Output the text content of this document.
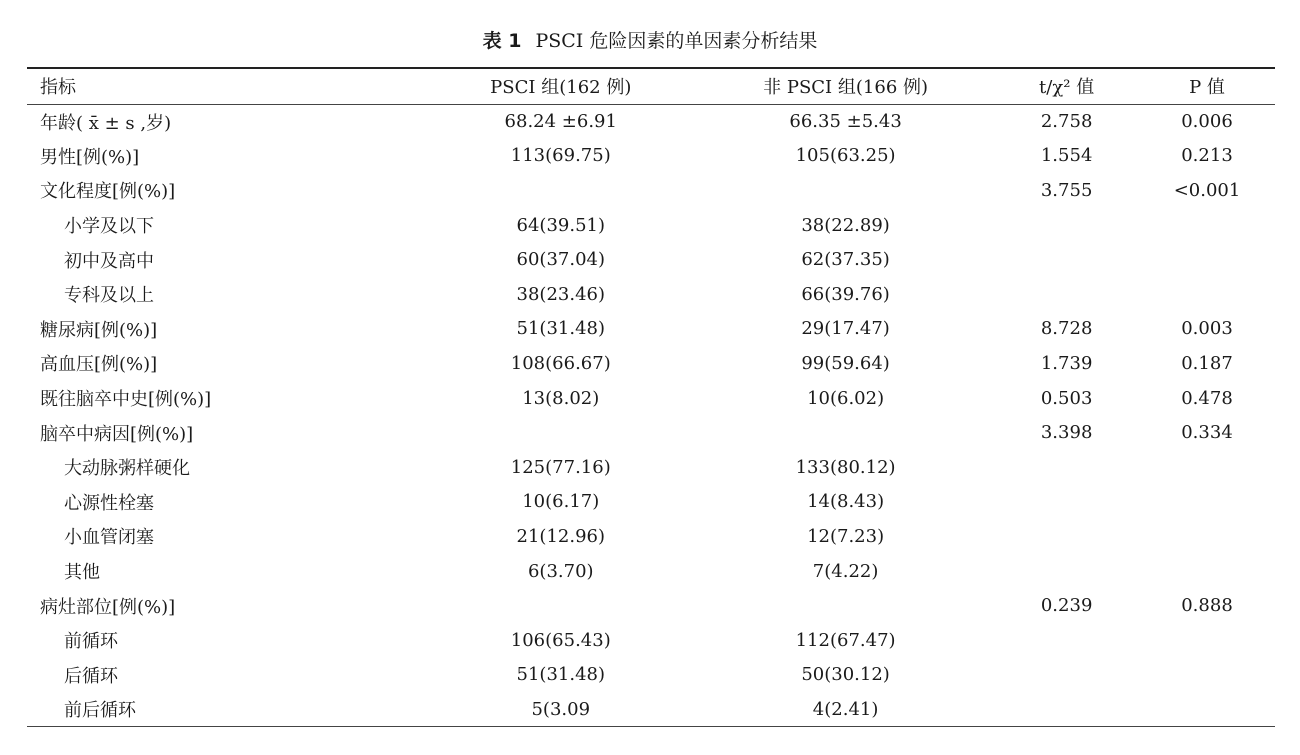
表 1 PSCI 危险因素的单因素分析结果
指标	PSCI 组(162 例)	非 PSCI 组(166 例)	t/χ² 值	P 值
年龄( x̄ ± s ,岁)	68.24 ±6.91	66.35 ±5.43	2.758	0.006
男性[例(%)]	113(69.75)	105(63.25)	1.554	0.213
文化程度[例(%)]			3.755	<0.001
小学及以下	64(39.51)	38(22.89)		
初中及高中	60(37.04)	62(37.35)		
专科及以上	38(23.46)	66(39.76)		
糖尿病[例(%)]	51(31.48)	29(17.47)	8.728	0.003
高血压[例(%)]	108(66.67)	99(59.64)	1.739	0.187
既往脑卒中史[例(%)]	13(8.02)	10(6.02)	0.503	0.478
脑卒中病因[例(%)]			3.398	0.334
大动脉粥样硬化	125(77.16)	133(80.12)		
心源性栓塞	10(6.17)	14(8.43)		
小血管闭塞	21(12.96)	12(7.23)		
其他	6(3.70)	7(4.22)		
病灶部位[例(%)]			0.239	0.888
前循环	106(65.43)	112(67.47)		
后循环	51(31.48)	50(30.12)		
前后循环	5(3.09	4(2.41)		
